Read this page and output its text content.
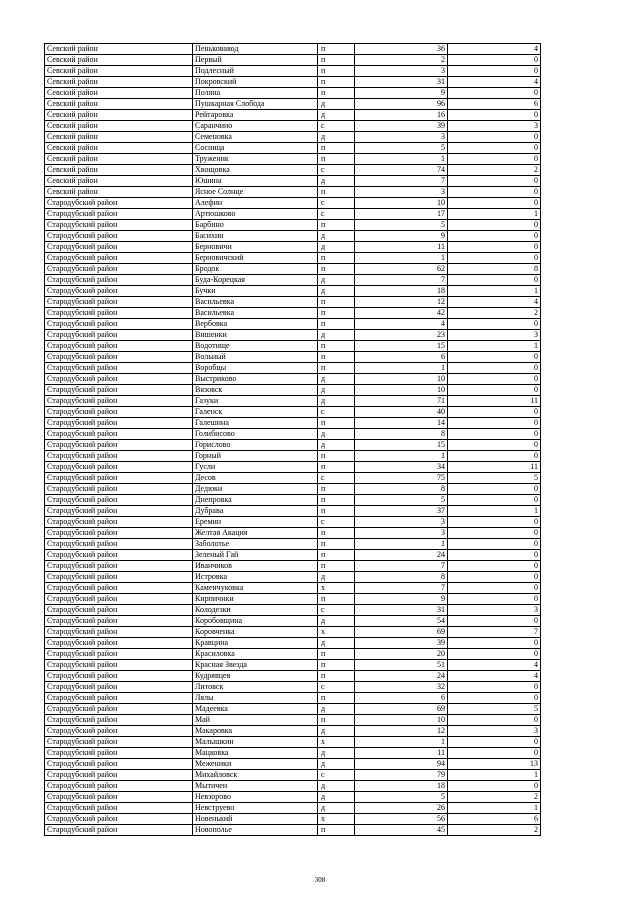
Севский район	Пеньковавод	п	36	4
Севский район	Первый	п	2	0
Севский район	Подлесный	п	3	0
Севский район	Покровский	п	31	4
Севский район	Поляна	п	9	0
Севский район	Пушкарная Слобода	д	96	6
Севский район	Рейтаровка	д	16	0
Севский район	Саранчино	с	39	3
Севский район	Семеновка	д	3	0
Севский район	Сосница	п	5	0
Севский район	Труженик	п	1	0
Севский район	Хвощовка	с	74	2
Севский район	Юшина	д	7	0
Севский район	Ясное Солнце	п	3	0
Стародубский район	Алефин	с	10	0
Стародубский район	Артюшково	с	17	1
Стародубский район	Барбино	п	5	0
Стародубский район	Басихин	д	9	0
Стародубский район	Берновичи	д	11	0
Стародубский район	Берновичский	п	1	0
Стародубский район	Бродок	п	62	8
Стародубский район	Буда-Корецкая	д	7	0
Стародубский район	Бучки	д	18	1
Стародубский район	Васильевка	п	12	4
Стародубский район	Васильевка	п	42	2
Стародубский район	Вербовка	п	4	0
Стародубский район	Вишенки	д	23	3
Стародубский район	Водотище	п	15	1
Стародубский район	Вольный	п	6	0
Стародубский район	Воробцы	п	1	0
Стародубский район	Выстриково	д	10	0
Стародубский район	Вязовск	д	10	0
Стародубский район	Газуки	д	71	11
Стародубский район	Галенск	с	40	0
Стародубский район	Галешина	п	14	0
Стародубский район	Голибисово	д	8	0
Стародубский район	Горислово	д	15	0
Стародубский район	Горный	п	1	0
Стародубский район	Гусли	п	34	11
Стародубский район	Десов	с	75	5
Стародубский район	Дедюки	п	8	0
Стародубский район	Днепровка	п	5	0
Стародубский район	Дубрава	п	37	1
Стародубский район	Еремин	с	3	0
Стародубский район	Желтая Акация	п	3	0
Стародубский район	Заболотье	п	1	0
Стародубский район	Зеленый Гай	п	24	0
Стародубский район	Иванчиков	п	7	0
Стародубский район	Истровка	д	8	0
Стародубский район	Каменчуковка	х	7	0
Стародубский район	Кирпичики	п	9	0
Стародубский район	Колодезки	с	31	3
Стародубский район	Коробовщина	д	54	0
Стародубский район	Коровченка	х	69	7
Стародубский район	Кравцина	д	39	0
Стародубский район	Красиловка	п	20	0
Стародубский район	Красная Звезда	п	51	4
Стародубский район	Кудрявцев	п	24	4
Стародубский район	Литовск	с	32	0
Стародубский район	Лялы	п	6	0
Стародубский район	Мадеевка	д	69	5
Стародубский район	Май	п	10	0
Стародубский район	Макаровка	д	12	3
Стародубский район	Малышкин	х	1	0
Стародубский район	Мацковка	д	11	0
Стародубский район	Меженики	д	94	13
Стародубский район	Михайловск	с	79	1
Стародубский район	Мытичен	д	18	0
Стародубский район	Невзорово	д	5	2
Стародубский район	Невструево	д	26	1
Стародубский район	Новенький	х	56	6
Стародубский район	Новополье	п	45	2
308
